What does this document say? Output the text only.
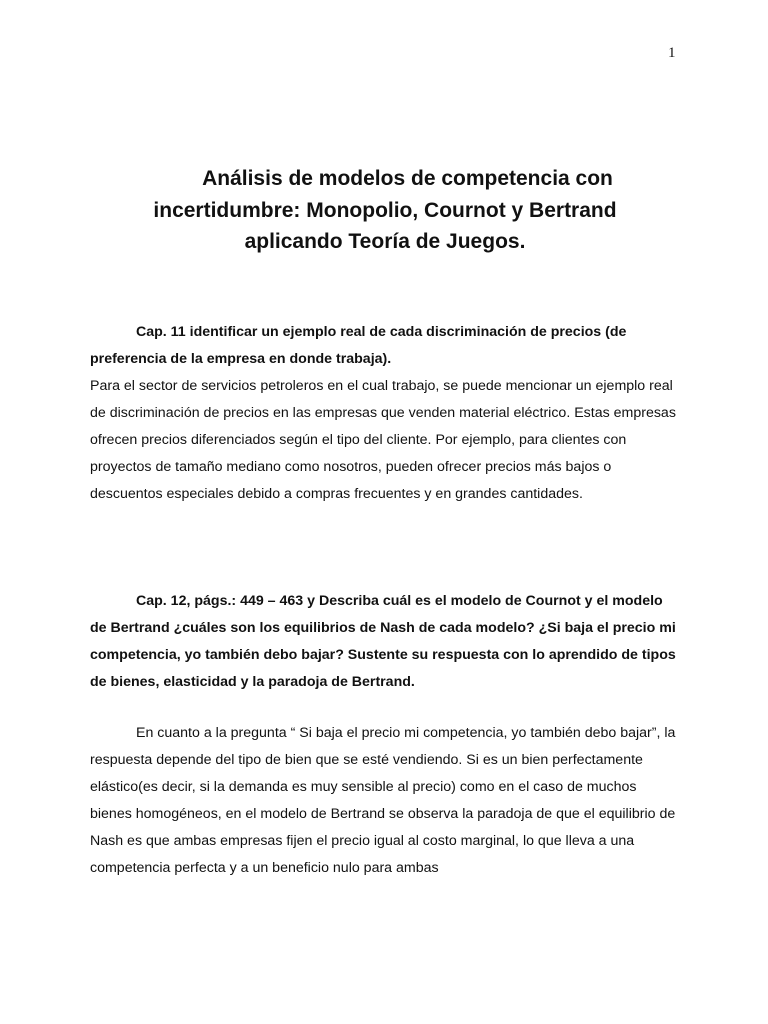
1
Análisis de modelos de competencia con
incertidumbre: Monopolio, Cournot y Bertrand
aplicando Teoría de Juegos.

Cap. 11 identificar un ejemplo real de cada discriminación de precios (de preferencia de la empresa en donde trabaja).

Para el sector de servicios petroleros en el cual trabajo, se puede mencionar un ejemplo real de discriminación de precios en las empresas que venden material eléctrico. Estas empresas ofrecen precios diferenciados según el tipo del cliente. Por ejemplo, para clientes con proyectos de tamaño mediano como nosotros, pueden ofrecer precios más bajos o descuentos especiales debido a compras frecuentes y en grandes cantidades.

Cap. 12, págs.: 449 – 463 y Describa cuál es el modelo de Cournot y el modelo de Bertrand ¿cuáles son los equilibrios de Nash de cada modelo? ¿Si baja el precio mi competencia, yo también debo bajar? Sustente su respuesta con lo aprendido de tipos de bienes, elasticidad y la paradoja de Bertrand.

En cuanto a la pregunta “ Si baja el precio mi competencia, yo también debo bajar”, la respuesta depende del tipo de bien que se esté vendiendo. Si es un bien perfectamente elástico(es decir, si la demanda es muy sensible al precio) como en el caso de muchos bienes homogéneos, en el modelo de Bertrand se observa la paradoja de que el equilibrio de Nash es que ambas empresas fijen el precio igual al costo marginal, lo que lleva a una competencia perfecta y a un beneficio nulo para ambas
